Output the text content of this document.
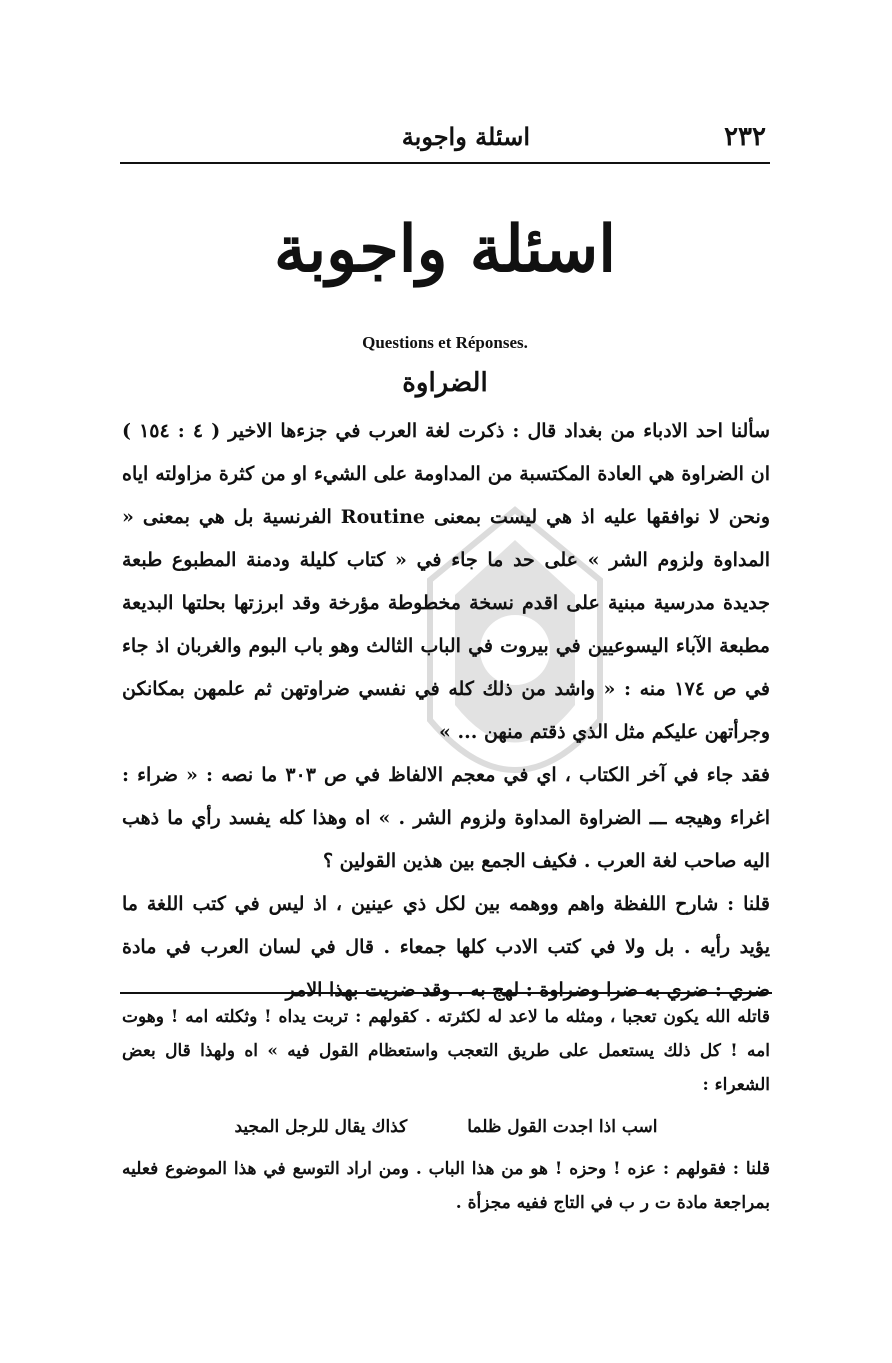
٢٣٢
اسئلة واجوبة
اسئلة واجوبة
Questions et Réponses.
الضراوة

سألنا احد الادباء من بغداد قال : ذكرت لغة العرب في جزءها الاخير ( ٤ : ١٥٤ ) ان الضراوة هي العادة المكتسبة من المداومة على الشيء او من كثرة مزاولته اياه ونحن لا نوافقها عليه اذ هي ليست بمعنى Routine الفرنسية بل هي بمعنى « المداوة ولزوم الشر » على حد ما جاء في « كتاب كليلة ودمنة المطبوع طبعة جديدة مدرسية مبنية على اقدم نسخة مخطوطة مؤرخة وقد ابرزتها بحلتها البديعة مطبعة الآباء اليسوعيين في بيروت في الباب الثالث وهو باب البوم والغربان اذ جاء في ص ١٧٤ منه : « واشد من ذلك كله في نفسي ضراوتهن ثم علمهن بمكانكن وجرأتهن عليكم مثل الذي ذقتم منهن ... »

فقد جاء في آخر الكتاب ، اي في معجم الالفاظ في ص ٣٠٣ ما نصه : « ضراء : اغراء وهيجه ـــ الضراوة المداوة ولزوم الشر . » اه وهذا كله يفسد رأي ما ذهب اليه صاحب لغة العرب . فكيف الجمع بين هذين القولين ؟

قلنا : شارح اللفظة واهم ووهمه بين لكل ذي عينين ، اذ ليس في كتب اللغة ما يؤيد رأيه . بل ولا في كتب الادب كلها جمعاء . قال في لسان العرب في مادة ضري : ضري به ضرا وضراوة : لهج به . وقد ضريت بهذا الامر

قاتله الله يكون تعجبا ، ومثله ما لاعد له لكثرته . كقولهم : تربت يداه ! وثكلته امه ! وهوت امه ! كل ذلك يستعمل على طريق التعجب واستعظام القول فيه » اه ولهذا قال بعض الشعراء :

اسب اذا اجدت القول ظلما
كذاك يقال للرجل المجيد

قلنا : فقولهم : عزه ! وحزه ! هو من هذا الباب . ومن اراد التوسع في هذا الموضوع فعليه بمراجعة مادة ت ر ب في التاج ففيه مجزأة .
